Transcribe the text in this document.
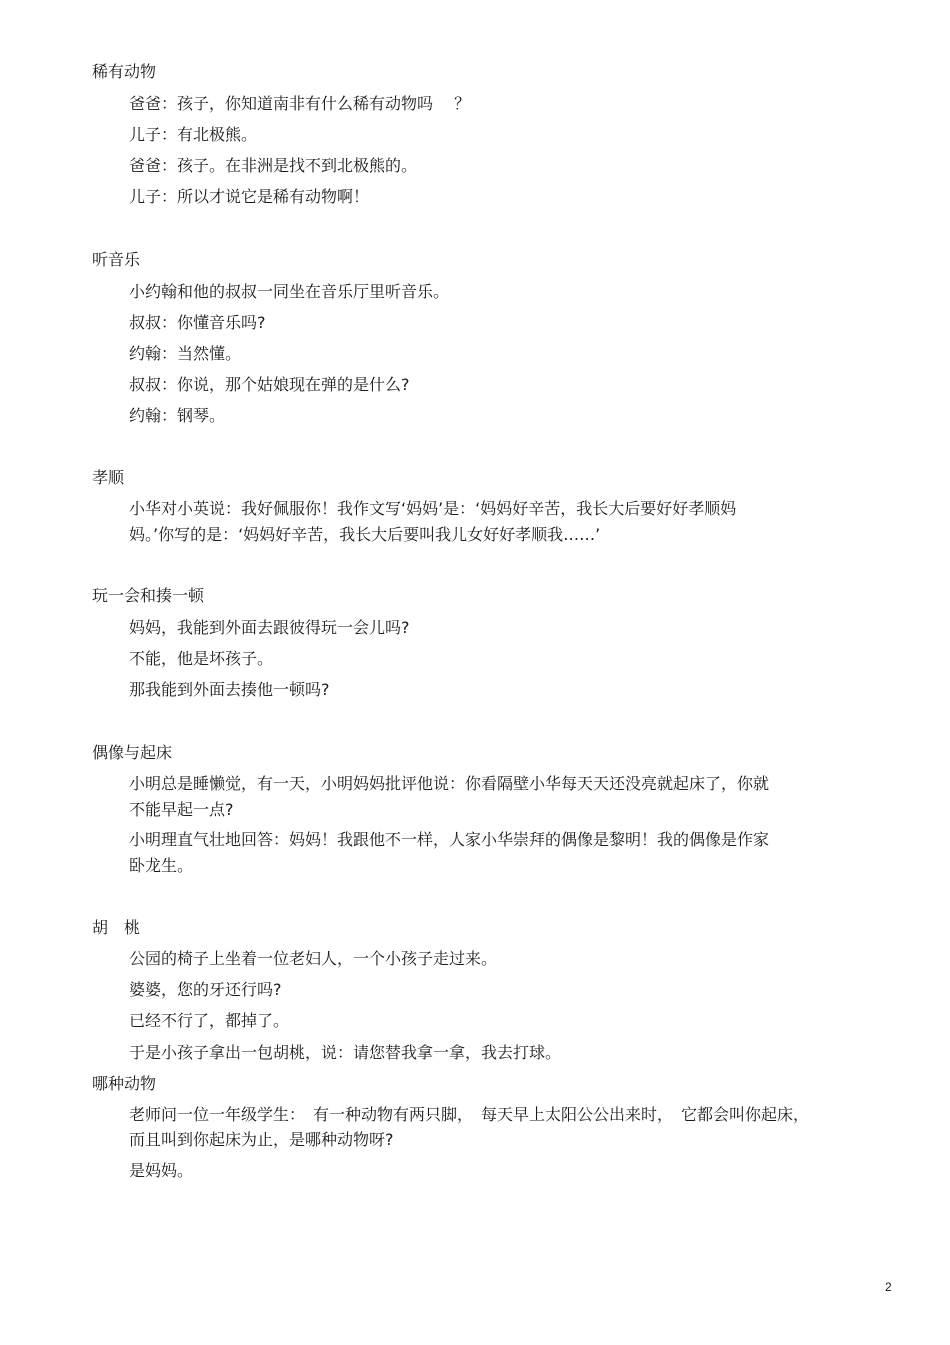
稀有动物
爸爸：孩子，你知道南非有什么稀有动物吗　 ？
儿子：有北极熊。
爸爸：孩子。在非洲是找不到北极熊的。
儿子：所以才说它是稀有动物啊！
听音乐
小约翰和他的叔叔一同坐在音乐厅里听音乐。
叔叔：你懂音乐吗?
约翰：当然懂。
叔叔：你说，那个姑娘现在弹的是什么?
约翰：钢琴。
孝顺
小华对小英说：我好佩服你！我作文写‘妈妈’是：‘妈妈好辛苦，我长大后要好好孝顺妈
妈。’你写的是：‘妈妈好辛苦，我长大后要叫我儿女好好孝顺我……’
玩一会和揍一顿
妈妈，我能到外面去跟彼得玩一会儿吗?
不能，他是坏孩子。
那我能到外面去揍他一顿吗?
偶像与起床
小明总是睡懒觉，有一天，小明妈妈批评他说：你看隔壁小华每天天还没亮就起床了，你就
不能早起一点?
小明理直气壮地回答：妈妈！我跟他不一样，人家小华崇拜的偶像是黎明！我的偶像是作家
卧龙生。
胡　桃
公园的椅子上坐着一位老妇人，一个小孩子走过来。
婆婆，您的牙还行吗?
已经不行了，都掉了。
于是小孩子拿出一包胡桃，说：请您替我拿一拿，我去打球。
哪种动物
老师问一位一年级学生：　有一种动物有两只脚，　每天早上太阳公公出来时，　它都会叫你起床，
而且叫到你起床为止，是哪种动物呀?
是妈妈。
2
